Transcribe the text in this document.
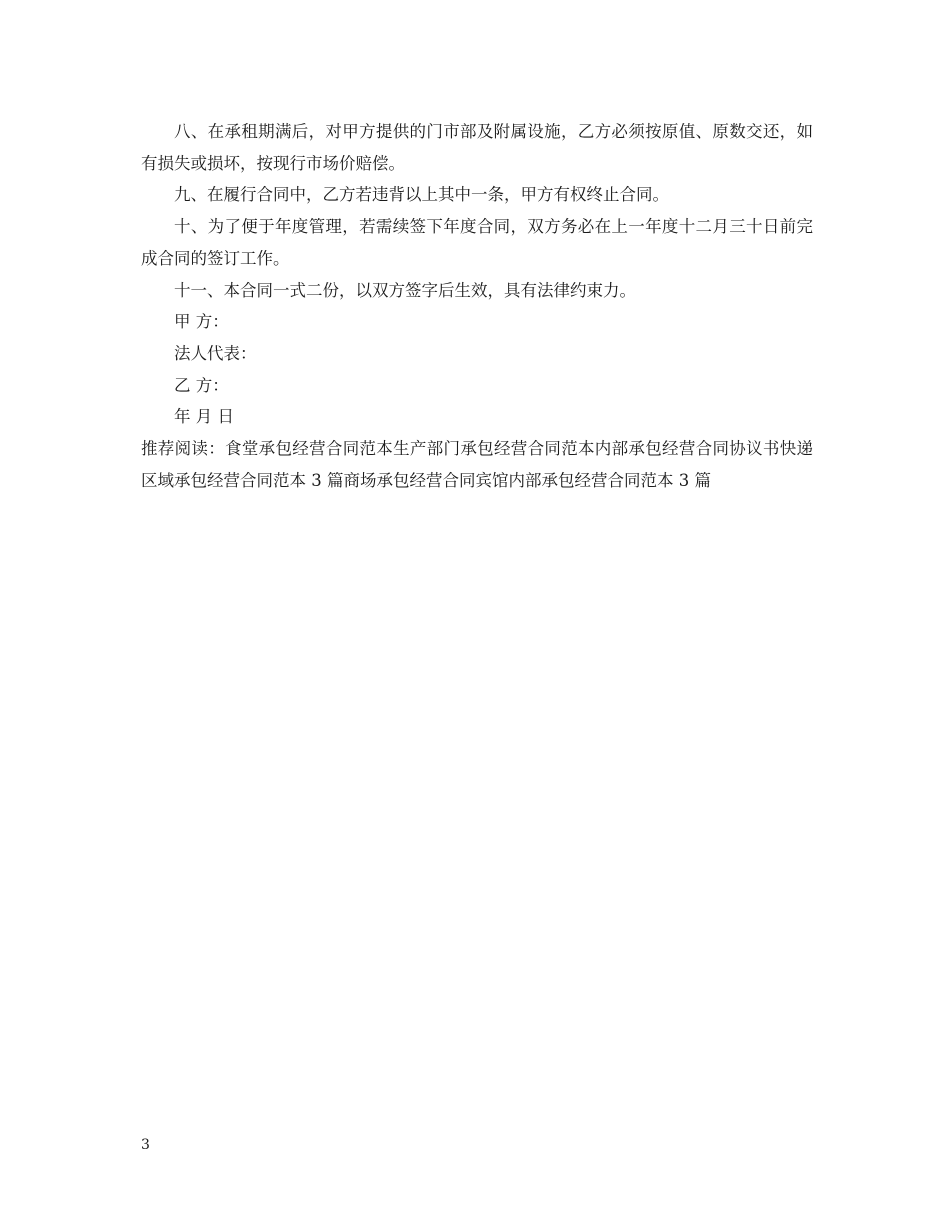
八、在承租期满后，对甲方提供的门市部及附属设施，乙方必须按原值、原数交还，如有损失或损坏，按现行市场价赔偿。

九、在履行合同中，乙方若违背以上其中一条，甲方有权终止合同。

十、为了便于年度管理，若需续签下年度合同，双方务必在上一年度十二月三十日前完成合同的签订工作。

十一、本合同一式二份，以双方签字后生效，具有法律约束力。

甲 方：

法人代表：

乙 方：

年 月 日

推荐阅读：食堂承包经营合同范本生产部门承包经营合同范本内部承包经营合同协议书快递区域承包经营合同范本 3 篇商场承包经营合同宾馆内部承包经营合同范本 3 篇

3
